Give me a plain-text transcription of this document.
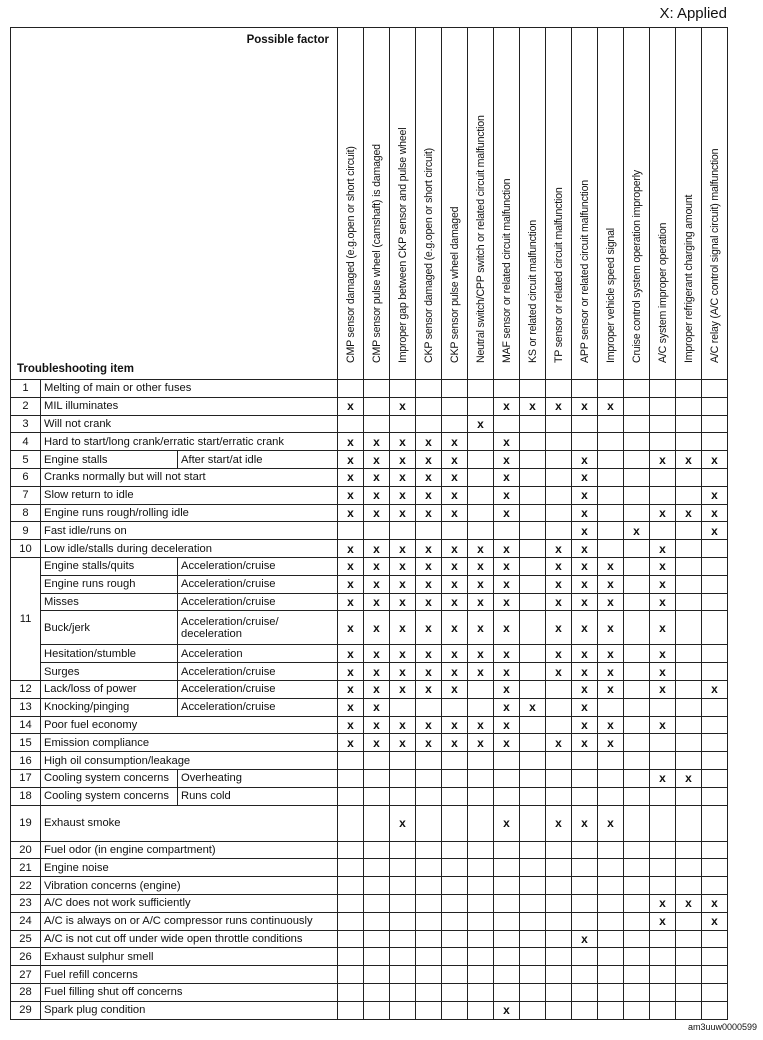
X: Applied
Possible factor
Troubleshooting item			CMP sensor damaged (e.g.open or short circuit)	CMP sensor pulse wheel (camshaft) is damaged	Improper gap between CKP sensor and pulse wheel	CKP sensor damaged (e.g.open or short circuit)	CKP sensor pulse wheel damaged	Neutral switch/CPP switch or related circuit malfunction	MAF sensor or related circuit malfunction	KS or related circuit malfunction	TP sensor or related circuit malfunction	APP sensor or related circuit malfunction	Improper vehicle speed signal	Cruise control system operation improperly	A/C system improper operation	Improper refrigerant charging amount	A/C relay (A/C control signal circuit) malfunction

1	Melting of main or other fuses																
2	MIL illuminates		x		x				x	x	x	x	x				
3	Will not crank							x									
4	Hard to start/long crank/erratic start/erratic crank		x	x	x	x	x		x								
5	Engine stalls	After start/at idle	x	x	x	x	x		x			x			x	x	x
6	Cranks normally but will not start		x	x	x	x	x		x			x					
7	Slow return to idle		x	x	x	x	x		x			x					x
8	Engine runs rough/rolling idle		x	x	x	x	x		x			x			x	x	x
9	Fast idle/runs on											x		x			x
10	Low idle/stalls during deceleration		x	x	x	x	x	x	x		x	x			x		
11	Engine stalls/quits	Acceleration/cruise	x	x	x	x	x	x	x		x	x	x		x		
	Engine runs rough	Acceleration/cruise	x	x	x	x	x	x	x		x	x	x		x		
	Misses	Acceleration/cruise	x	x	x	x	x	x	x		x	x	x		x		
	Buck/jerk	Acceleration/cruise/ deceleration	x	x	x	x	x	x	x		x	x	x		x		
	Hesitation/stumble	Acceleration	x	x	x	x	x	x	x		x	x	x		x		
	Surges	Acceleration/cruise	x	x	x	x	x	x	x		x	x	x		x		
12	Lack/loss of power	Acceleration/cruise	x	x	x	x	x		x			x	x		x		x
13	Knocking/pinging	Acceleration/cruise	x	x					x	x		x					
14	Poor fuel economy		x	x	x	x	x	x	x			x	x		x		
15	Emission compliance		x	x	x	x	x	x	x		x	x	x				
16	High oil consumption/leakage																
17	Cooling system concerns	Overheating													x	x	
18	Cooling system concerns	Runs cold															
19	Exhaust smoke				x				x		x	x	x				
20	Fuel odor (in engine compartment)																
21	Engine noise																
22	Vibration concerns (engine)																
23	A/C does not work sufficiently														x	x	x
24	A/C is always on or A/C compressor runs continuously														x		x
25	A/C is not cut off under wide open throttle conditions											x					
26	Exhaust sulphur smell																
27	Fuel refill concerns																
28	Fuel filling shut off concerns																
29	Spark plug condition								x								
am3uuw0000599
